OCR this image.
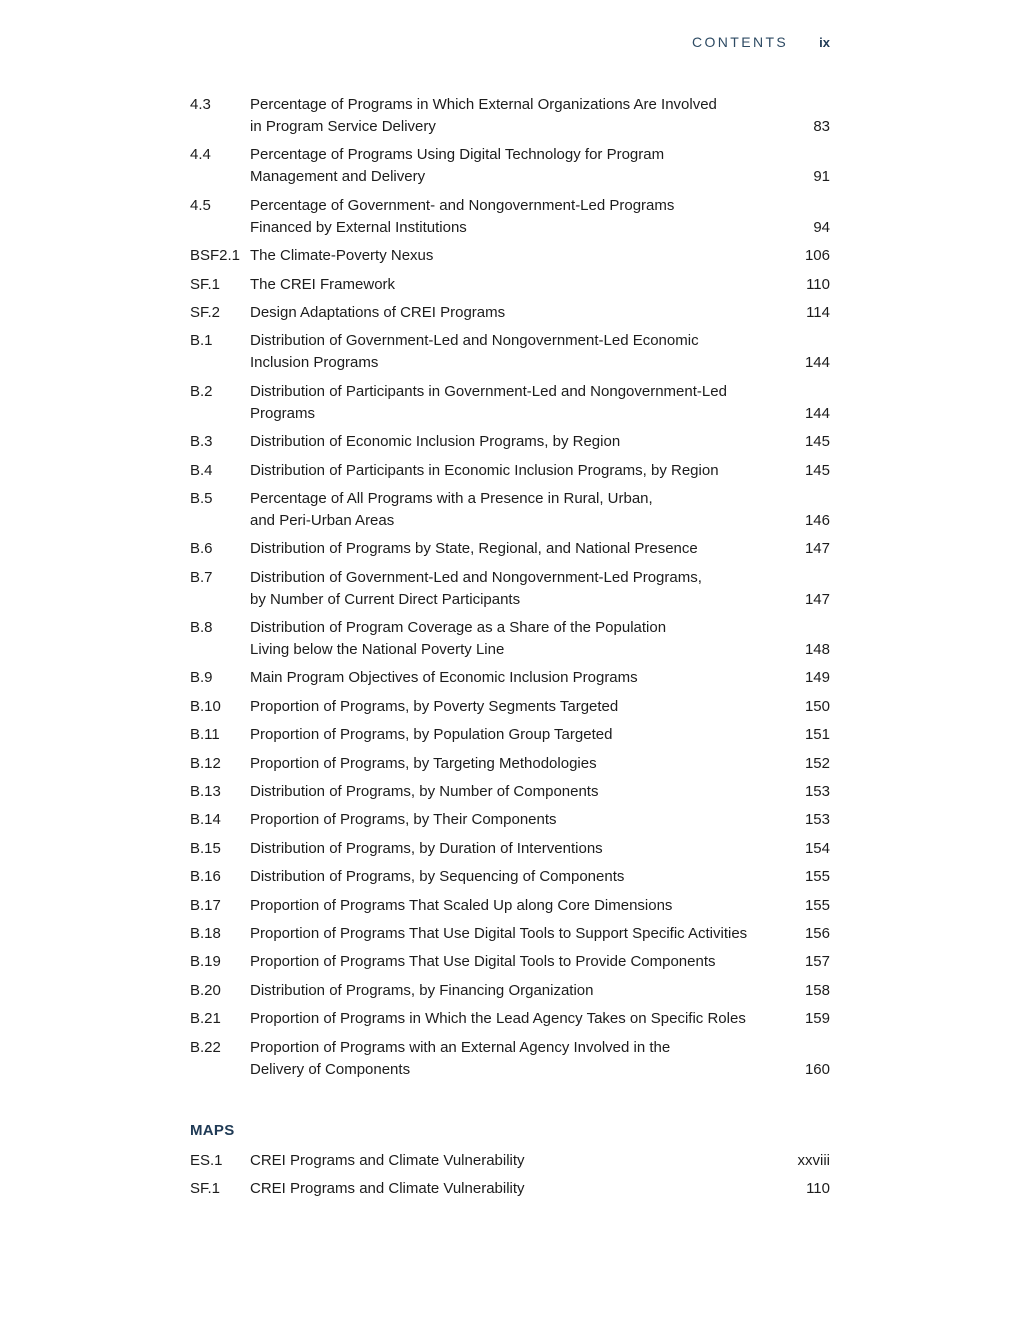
CONTENTS ix
4.3	Percentage of Programs in Which External Organizations Are Involved
in Program Service Delivery	83
4.4	Percentage of Programs Using Digital Technology for Program
Management and Delivery	91
4.5	Percentage of Government- and Nongovernment-Led Programs
Financed by External Institutions	94
BSF2.1 The Climate-Poverty Nexus	106
SF.1	The CREI Framework	110
SF.2	Design Adaptations of CREI Programs	114
B.1	Distribution of Government-Led and Nongovernment-Led Economic
Inclusion Programs	144
B.2	Distribution of Participants in Government-Led and Nongovernment-Led
Programs	144
B.3	Distribution of Economic Inclusion Programs, by Region	145
B.4	Distribution of Participants in Economic Inclusion Programs, by Region	145
B.5	Percentage of All Programs with a Presence in Rural, Urban,
and Peri-Urban Areas	146
B.6	Distribution of Programs by State, Regional, and National Presence	147
B.7	Distribution of Government-Led and Nongovernment-Led Programs,
by Number of Current Direct Participants	147
B.8	Distribution of Program Coverage as a Share of the Population
Living below the National Poverty Line	148
B.9	Main Program Objectives of Economic Inclusion Programs	149
B.10	Proportion of Programs, by Poverty Segments Targeted	150
B.11	Proportion of Programs, by Population Group Targeted	151
B.12	Proportion of Programs, by Targeting Methodologies	152
B.13	Distribution of Programs, by Number of Components	153
B.14	Proportion of Programs, by Their Components	153
B.15	Distribution of Programs, by Duration of Interventions	154
B.16	Distribution of Programs, by Sequencing of Components	155
B.17	Proportion of Programs That Scaled Up along Core Dimensions	155
B.18	Proportion of Programs That Use Digital Tools to Support Specific Activities	156
B.19	Proportion of Programs That Use Digital Tools to Provide Components	157
B.20	Distribution of Programs, by Financing Organization	158
B.21	Proportion of Programs in Which the Lead Agency Takes on Specific Roles	159
B.22	Proportion of Programs with an External Agency Involved in the
Delivery of Components	160
MAPS
ES.1	CREI Programs and Climate Vulnerability	xxviii
SF.1	CREI Programs and Climate Vulnerability	110
